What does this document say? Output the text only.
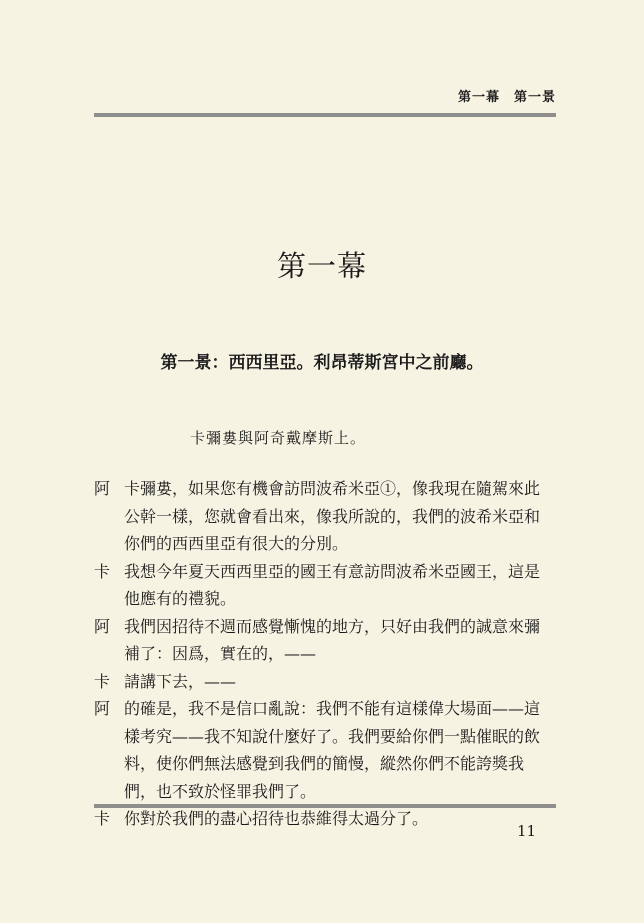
第一幕　第一景
第一幕
第一景：西西里亞。利昂蒂斯宮中之前廳。
卡彌婁與阿奇戴摩斯上。
阿 卡彌婁，如果您有機會訪問波希米亞①，像我現在隨駕來此
公幹一樣，您就會看出來，像我所說的，我們的波希米亞和
你們的西西里亞有很大的分別。
卡 我想今年夏天西西里亞的國王有意訪問波希米亞國王，這是
他應有的禮貌。
阿 我們因招待不週而感覺慚愧的地方，只好由我們的誠意來彌
補了：因爲，實在的，——
卡 請講下去，——
阿 的確是，我不是信口亂說：我們不能有這樣偉大場面——這
樣考究——我不知說什麼好了。我們要給你們一點催眠的飲
料，使你們無法感覺到我們的簡慢，縱然你們不能誇獎我
們，也不致於怪罪我們了。
卡 你對於我們的盡心招待也恭維得太過分了。
11
